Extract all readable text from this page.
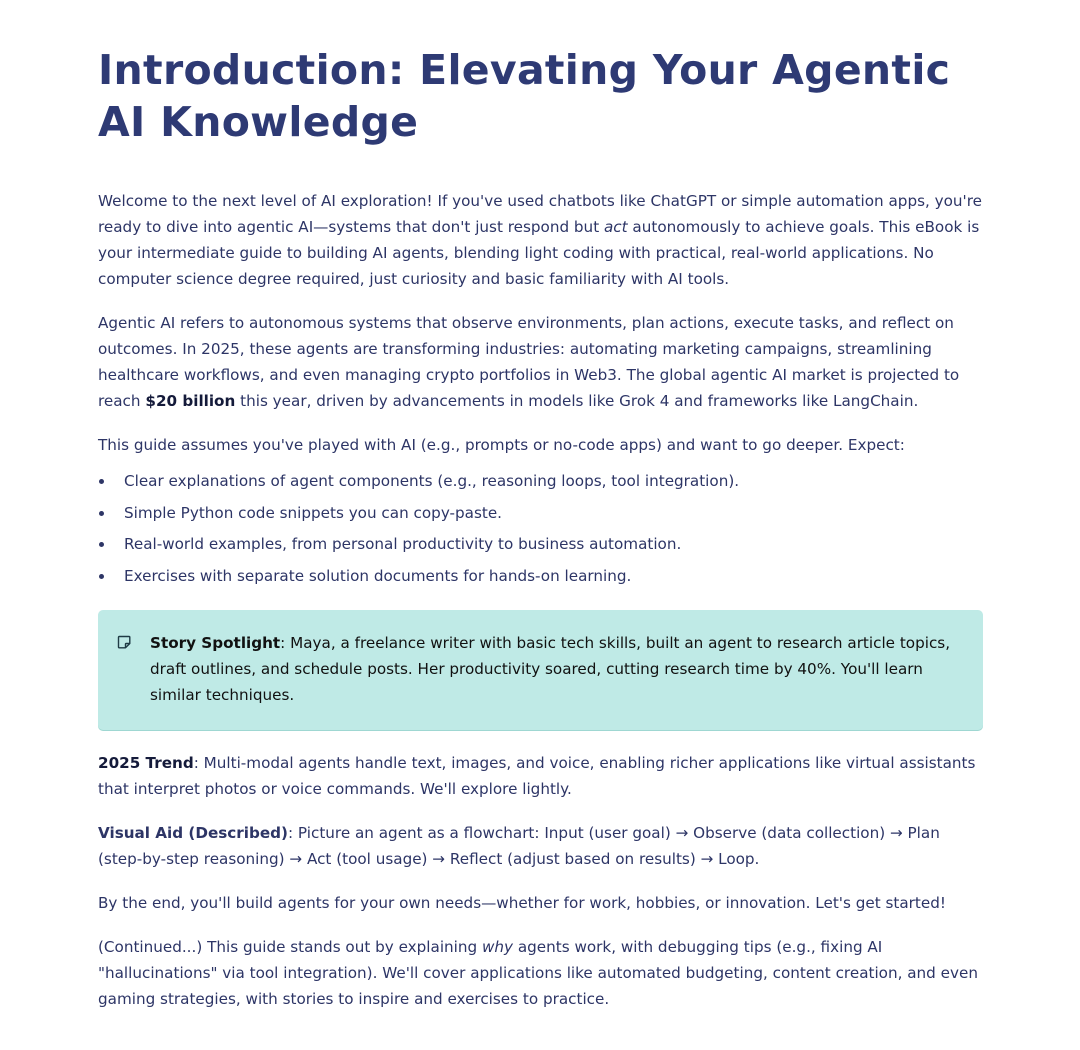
Introduction: Elevating Your Agentic AI Knowledge

Welcome to the next level of AI exploration! If you've used chatbots like ChatGPT or simple automation apps, you're ready to dive into agentic AI—systems that don't just respond but act autonomously to achieve goals. This eBook is your intermediate guide to building AI agents, blending light coding with practical, real-world applications. No computer science degree required, just curiosity and basic familiarity with AI tools.

Agentic AI refers to autonomous systems that observe environments, plan actions, execute tasks, and reflect on outcomes. In 2025, these agents are transforming industries: automating marketing campaigns, streamlining healthcare workflows, and even managing crypto portfolios in Web3. The global agentic AI market is projected to reach $20 billion this year, driven by advancements in models like Grok 4 and frameworks like LangChain.

This guide assumes you've played with AI (e.g., prompts or no-code apps) and want to go deeper. Expect:

Clear explanations of agent components (e.g., reasoning loops, tool integration).
Simple Python code snippets you can copy-paste.
Real-world examples, from personal productivity to business automation.
Exercises with separate solution documents for hands-on learning.

Story Spotlight: Maya, a freelance writer with basic tech skills, built an agent to research article topics, draft outlines, and schedule posts. Her productivity soared, cutting research time by 40%. You'll learn similar techniques.

2025 Trend: Multi-modal agents handle text, images, and voice, enabling richer applications like virtual assistants that interpret photos or voice commands. We'll explore lightly.

Visual Aid (Described): Picture an agent as a flowchart: Input (user goal) → Observe (data collection) → Plan (step-by-step reasoning) → Act (tool usage) → Reflect (adjust based on results) → Loop.

By the end, you'll build agents for your own needs—whether for work, hobbies, or innovation. Let's get started!

(Continued...) This guide stands out by explaining why agents work, with debugging tips (e.g., fixing AI "hallucinations" via tool integration). We'll cover applications like automated budgeting, content creation, and even gaming strategies, with stories to inspire and exercises to practice.
